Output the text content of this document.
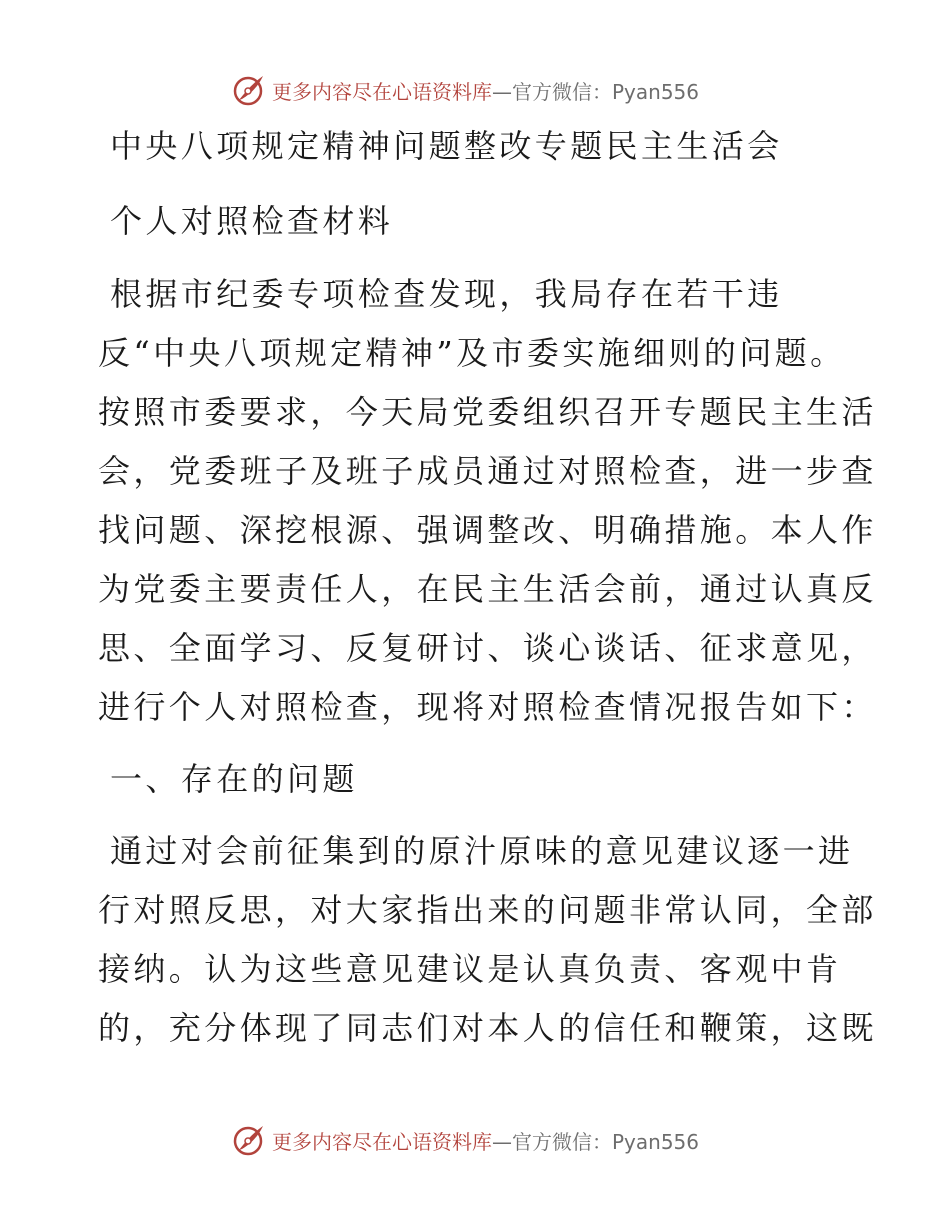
更多内容尽在心语资料库—官方微信：Pyan556
中央八项规定精神问题整改专题民主生活会
个人对照检查材料
根据市纪委专项检查发现，我局存在若干违
反“中央八项规定精神”及市委实施细则的问题。
按照市委要求，今天局党委组织召开专题民主生活
会，党委班子及班子成员通过对照检查，进一步查
找问题、深挖根源、强调整改、明确措施。本人作
为党委主要责任人，在民主生活会前，通过认真反
思、全面学习、反复研讨、谈心谈话、征求意见，
进行个人对照检查，现将对照检查情况报告如下：
一、存在的问题
通过对会前征集到的原汁原味的意见建议逐一进
行对照反思，对大家指出来的问题非常认同，全部
接纳。认为这些意见建议是认真负责、客观中肯
的，充分体现了同志们对本人的信任和鞭策，这既
更多内容尽在心语资料库—官方微信：Pyan556
